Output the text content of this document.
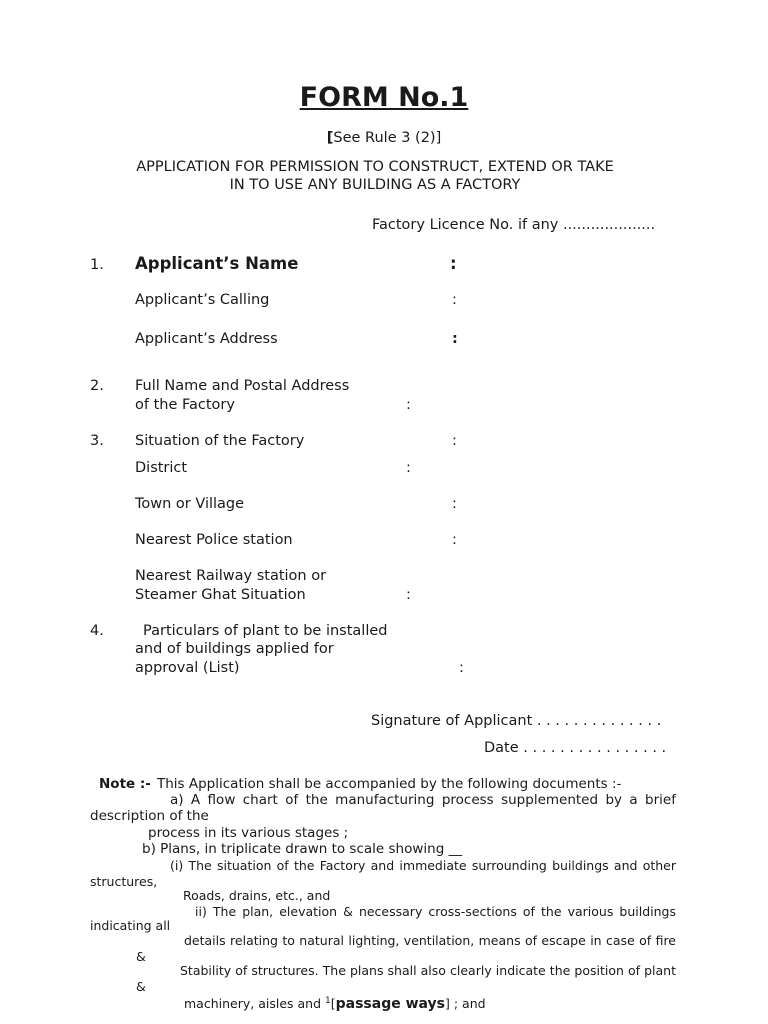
FORM No.1
[See Rule 3 (2)]
APPLICATION FOR PERMISSION TO CONSTRUCT, EXTEND OR TAKE
IN TO USE ANY BUILDING AS A FACTORY
Factory Licence No. if any ....................
1. Applicant’s Name	:
Applicant’s Calling	:
Applicant’s Address	:
2. Full Name and Postal Address
of the Factory	:
3. Situation of the Factory	:
District	:
Town or Village	:
Nearest Police station	:
Nearest Railway station or
Steamer Ghat Situation	:
4.	Particulars of plant to be installed
and of buildings applied for
approval (List)	:
Signature of Applicant . . . . . . . . . . . . . .
Date . . . . . . . . . . . . . . . .
Note :- This Application shall be accompanied by the following documents :-
a) A flow chart of the manufacturing process supplemented by a brief
description of the
process in its various stages ;
b) Plans, in triplicate drawn to scale showing __
(i) The situation of the Factory and immediate surrounding buildings and other
structures,
Roads, drains, etc., and
ii) The plan, elevation & necessary cross-sections of the various buildings
indicating all
details relating to natural lighting, ventilation, means of escape in case of fire
&
Stability of structures. The plans shall also clearly indicate the position of plant
&
machinery, aisles and $^1$[passage ways] ; and
